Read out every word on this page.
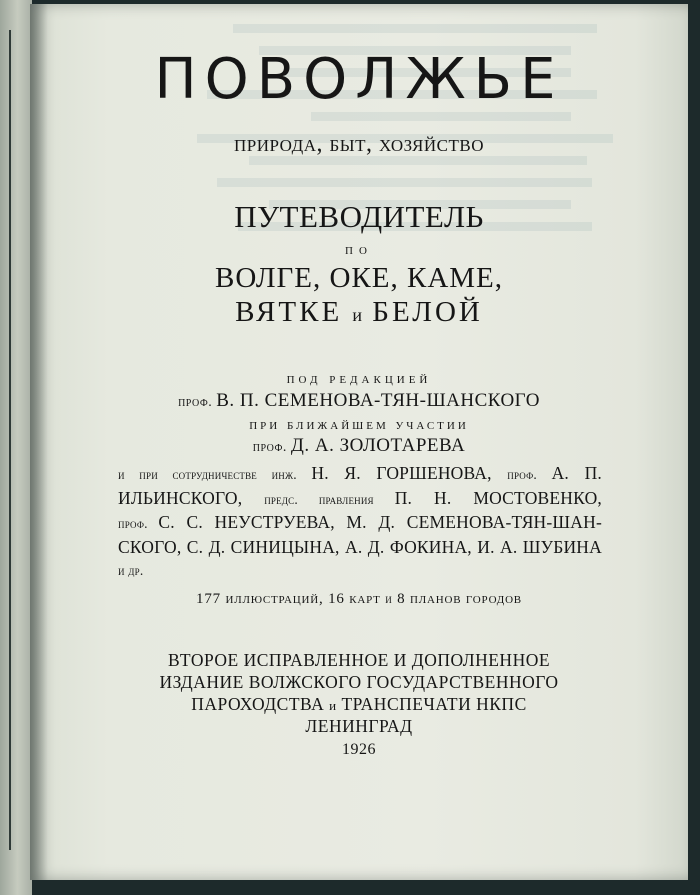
ПОВОЛЖЬЕ
природа, быт, хозяйство
ПУТЕВОДИТЕЛЬ
по
ВОЛГЕ, ОКЕ, КАМЕ,
ВЯТКЕ и БЕЛОЙ
под редакцией
проф. В. П. СЕМЕНОВА-ТЯН-ШАНСКОГО
при ближайшем участии
проф. Д. А. ЗОЛОТАРЕВА
и при сотрудничестве инж. Н. Я. ГОРШЕНОВА, проф. А. П.
ИЛЬИНСКОГО, предс. правления П. Н. МОСТОВЕНКО,
проф. С. С. НЕУСТРУЕВА, М. Д. СЕМЕНОВА-ТЯН-ШАН-
СКОГО, С. Д. СИНИЦЫНА, А. Д. ФОКИНА, И. А. ШУБИНА
и др.
177 иллюстраций, 16 карт и 8 планов городов
ВТОРОЕ ИСПРАВЛЕННОЕ И ДОПОЛНЕННОЕ
ИЗДАНИЕ ВОЛЖСКОГО ГОСУДАРСТВЕННОГО
ПАРОХОДСТВА и ТРАНСПЕЧАТИ НКПС
ЛЕНИНГРАД
1926
